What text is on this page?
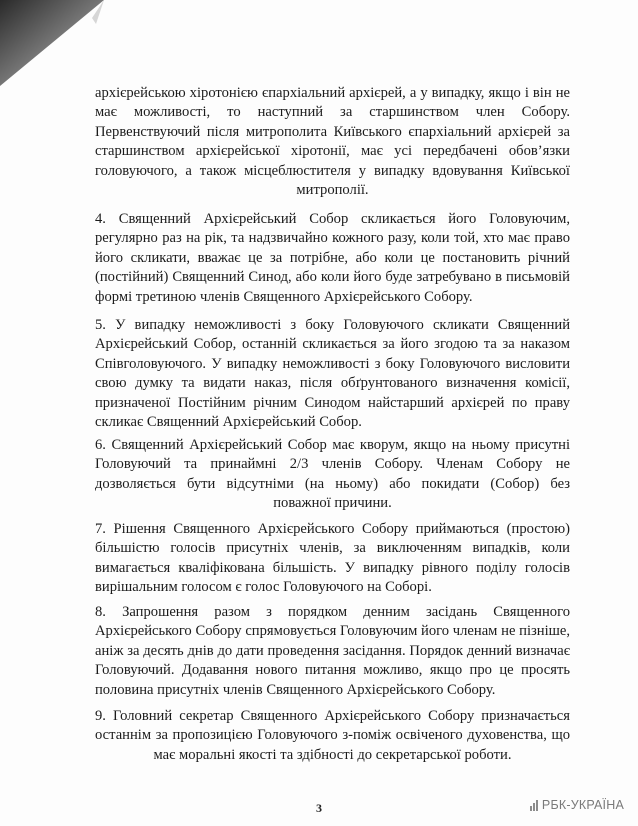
архієрейською хіротонією єпархіальний архієрей, а у випадку, якщо і він не має можливості, то наступний за старшинством член Собору. Первенствуючий після митрополита Київського єпархіальний архієрей за старшинством архієрейської хіротонії, має усі передбачені обов’язки головуючого, а також місцеблюстителя у випадку вдовування Київської митрополії.

4. Священний Архієрейський Собор скликається його Головуючим, регулярно раз на рік, та надзвичайно кожного разу, коли той, хто має право його скликати, вважає це за потрібне, або коли це постановить річний (постійний) Священний Синод, або коли його буде затребувано в письмовій формі третиною членів Священного Архієрейського Собору.

5. У випадку неможливості з боку Головуючого скликати Священний Архієрейський Собор, останній скликається за його згодою та за наказом Співголовуючого. У випадку неможливості з боку Головуючого висловити свою думку та видати наказ, після обґрунтованого визначення комісії, призначеної Постійним річним Синодом найстарший архієрей по праву скликає Священний Архієрейський Собор.

6. Священний Архієрейський Собор має кворум, якщо на ньому присутні Головуючий та принаймні 2/3 членів Собору. Членам Собору не дозволяється бути відсутніми (на ньому) або покидати (Собор) без поважної причини.

7. Рішення Священного Архієрейського Собору приймаються (простою) більшістю голосів присутніх членів, за виключенням випадків, коли вимагається кваліфікована більшість. У випадку рівного поділу голосів вирішальним голосом є голос Головуючого на Соборі.

8. Запрошення разом з порядком денним засідань Священного Архієрейського Собору спрямовується Головуючим його членам не пізніше, аніж за десять днів до дати проведення засідання. Порядок денний визначає Головуючий. Додавання нового питання можливо, якщо про це просять половина присутніх членів Священного Архієрейського Собору.

9. Головний секретар Священного Архієрейського Собору призначається останнім за пропозицією Головуючого з-поміж освіченого духовенства, що має моральні якості та здібності до секретарської роботи.

3	РБК-УКРАЇНА
